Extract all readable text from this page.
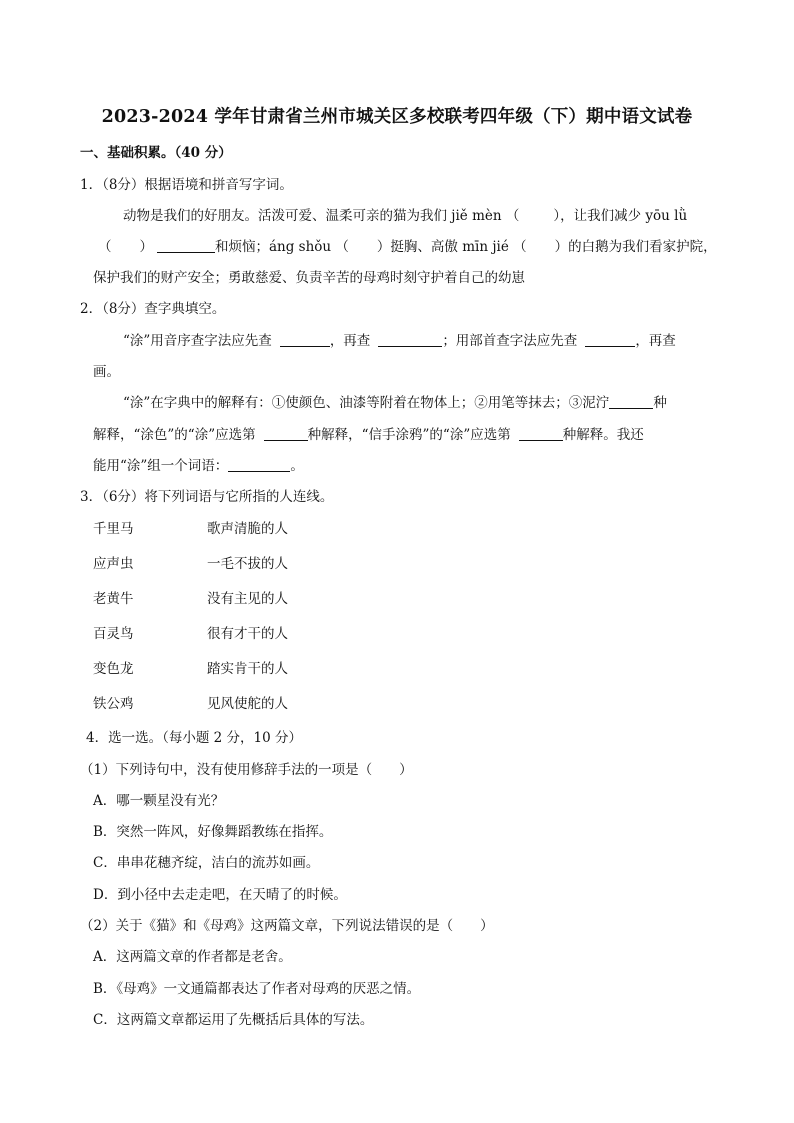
2023-2024 学年甘肃省兰州市城关区多校联考四年级（下）期中语文试卷
一、基础积累。（40 分）
1．（8分）根据语境和拼音写字词。
动物是我们的好朋友。活泼可爱、温柔可亲的猫为我们 jiě mèn （	），让我们减少 yōu lǜ
（ ）	和烦恼；áng shǒu （ ）挺胸、高傲 mīn jié （ ）的白鹅为我们看家护院，
保护我们的财产安全；勇敢慈爱、负责辛苦的母鸡时刻守护着自己的幼崽
2．（8分）查字典填空。
“涂”用音序查字法应先查	，再查	；用部首查字法应先查	，再查
画。
“涂”在字典中的解释有：①使颜色、油漆等附着在物体上；②用笔等抹去；③泥泞	种
解释，“涂色”的“涂”应选第	种解释，“信手涂鸦”的“涂”应选第	种解释。我还
能用“涂”组一个词语：	。
3．（6分）将下列词语与它所指的人连线。
千里马	歌声清脆的人
应声虫	一毛不拔的人
老黄牛	没有主见的人
百灵鸟	很有才干的人
变色龙	踏实肯干的人
铁公鸡	见风使舵的人
4．选一选。（每小题 2 分，10 分）
（1）下列诗句中，没有使用修辞手法的一项是（　　）
A．哪一颗星没有光？
B．突然一阵风，好像舞蹈教练在指挥。
C．串串花穗齐绽，洁白的流苏如画。
D．到小径中去走走吧，在天晴了的时候。
（2）关于《猫》和《母鸡》这两篇文章，下列说法错误的是（　　）
A．这两篇文章的作者都是老舍。
B．《母鸡》一文通篇都表达了作者对母鸡的厌恶之情。
C．这两篇文章都运用了先概括后具体的写法。
